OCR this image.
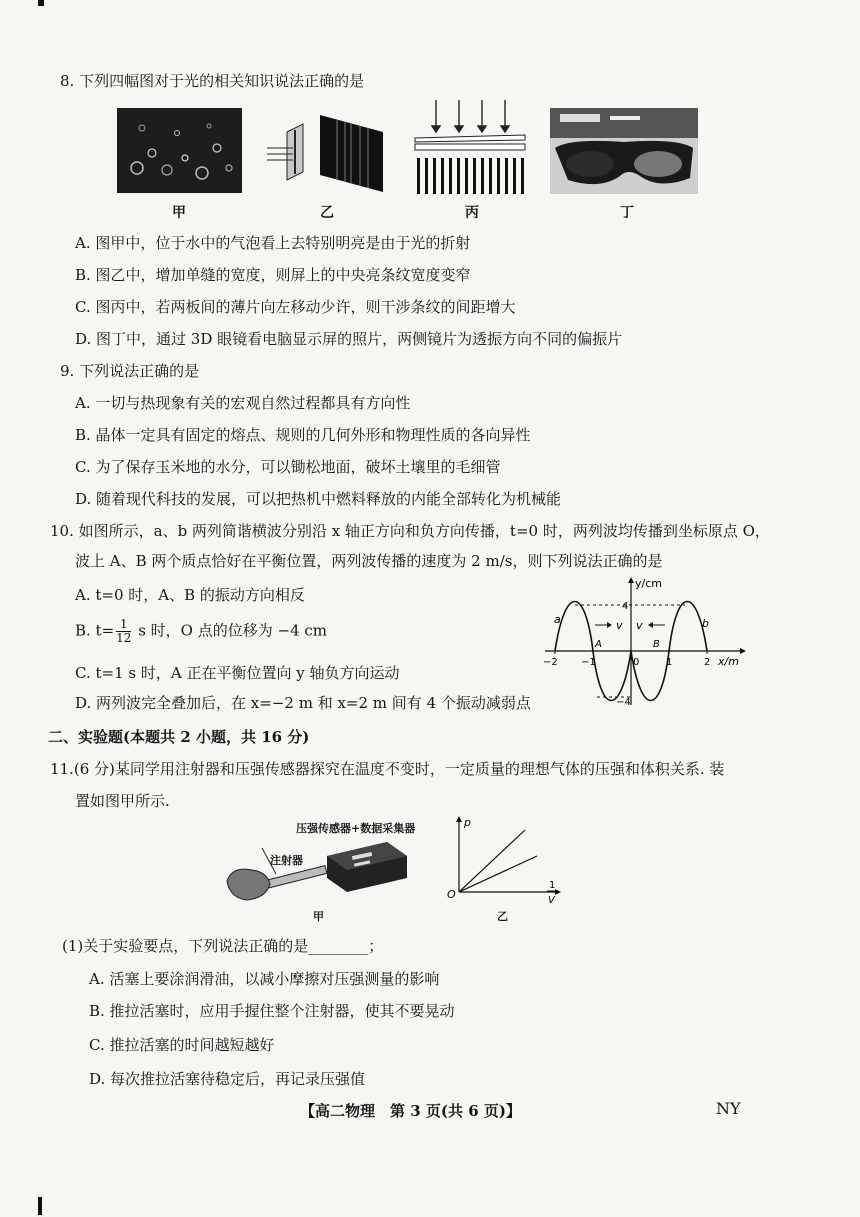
8. 下列四幅图对于光的相关知识说法正确的是
甲	乙	丙	丁
A. 图甲中，位于水中的气泡看上去特别明亮是由于光的折射
B. 图乙中，增加单缝的宽度，则屏上的中央亮条纹宽度变窄
C. 图丙中，若两板间的薄片向左移动少许，则干涉条纹的间距增大
D. 图丁中，通过 3D 眼镜看电脑显示屏的照片，两侧镜片为透振方向不同的偏振片
9. 下列说法正确的是
A. 一切与热现象有关的宏观自然过程都具有方向性
B. 晶体一定具有固定的熔点、规则的几何外形和物理性质的各向异性
C. 为了保存玉米地的水分，可以锄松地面，破坏土壤里的毛细管
D. 随着现代科技的发展，可以把热机中燃料释放的内能全部转化为机械能
10. 如图所示，a、b 两列简谐横波分别沿 x 轴正方向和负方向传播，t=0 时，两列波均传播到坐标原点 O，
波上 A、B 两个质点恰好在平衡位置，两列波传播的速度为 2 m/s，则下列说法正确的是
A. t=0 时，A、B 的振动方向相反
B. $t= \frac{1}{12}$ s 时，O 点的位移为 −4 cm
C. t=1 s 时，A 正在平衡位置向 y 轴负方向运动
D. 两列波完全叠加后，在 x=−2 m 和 x=2 m 间有 4 个振动减弱点
v v
y/cm
x/m
4
−4
−2 −1	0	1	2
a	b
A	B
二、实验题(本题共 2 小题，共 16 分)
11.(6 分)某同学用注射器和压强传感器探究在温度不变时，一定质量的理想气体的压强和体积关系. 装
置如图甲所示.
压强传感器+数据采集器
注射器
甲
p
O
1
V
乙
(1)关于实验要点，下列说法正确的是________；
A. 活塞上要涂润滑油，以减小摩擦对压强测量的影响
B. 推拉活塞时，应用手握住整个注射器，使其不要晃动
C. 推拉活塞的时间越短越好
D. 每次推拉活塞待稳定后，再记录压强值
【高二物理　第 3 页(共 6 页)】	NY
